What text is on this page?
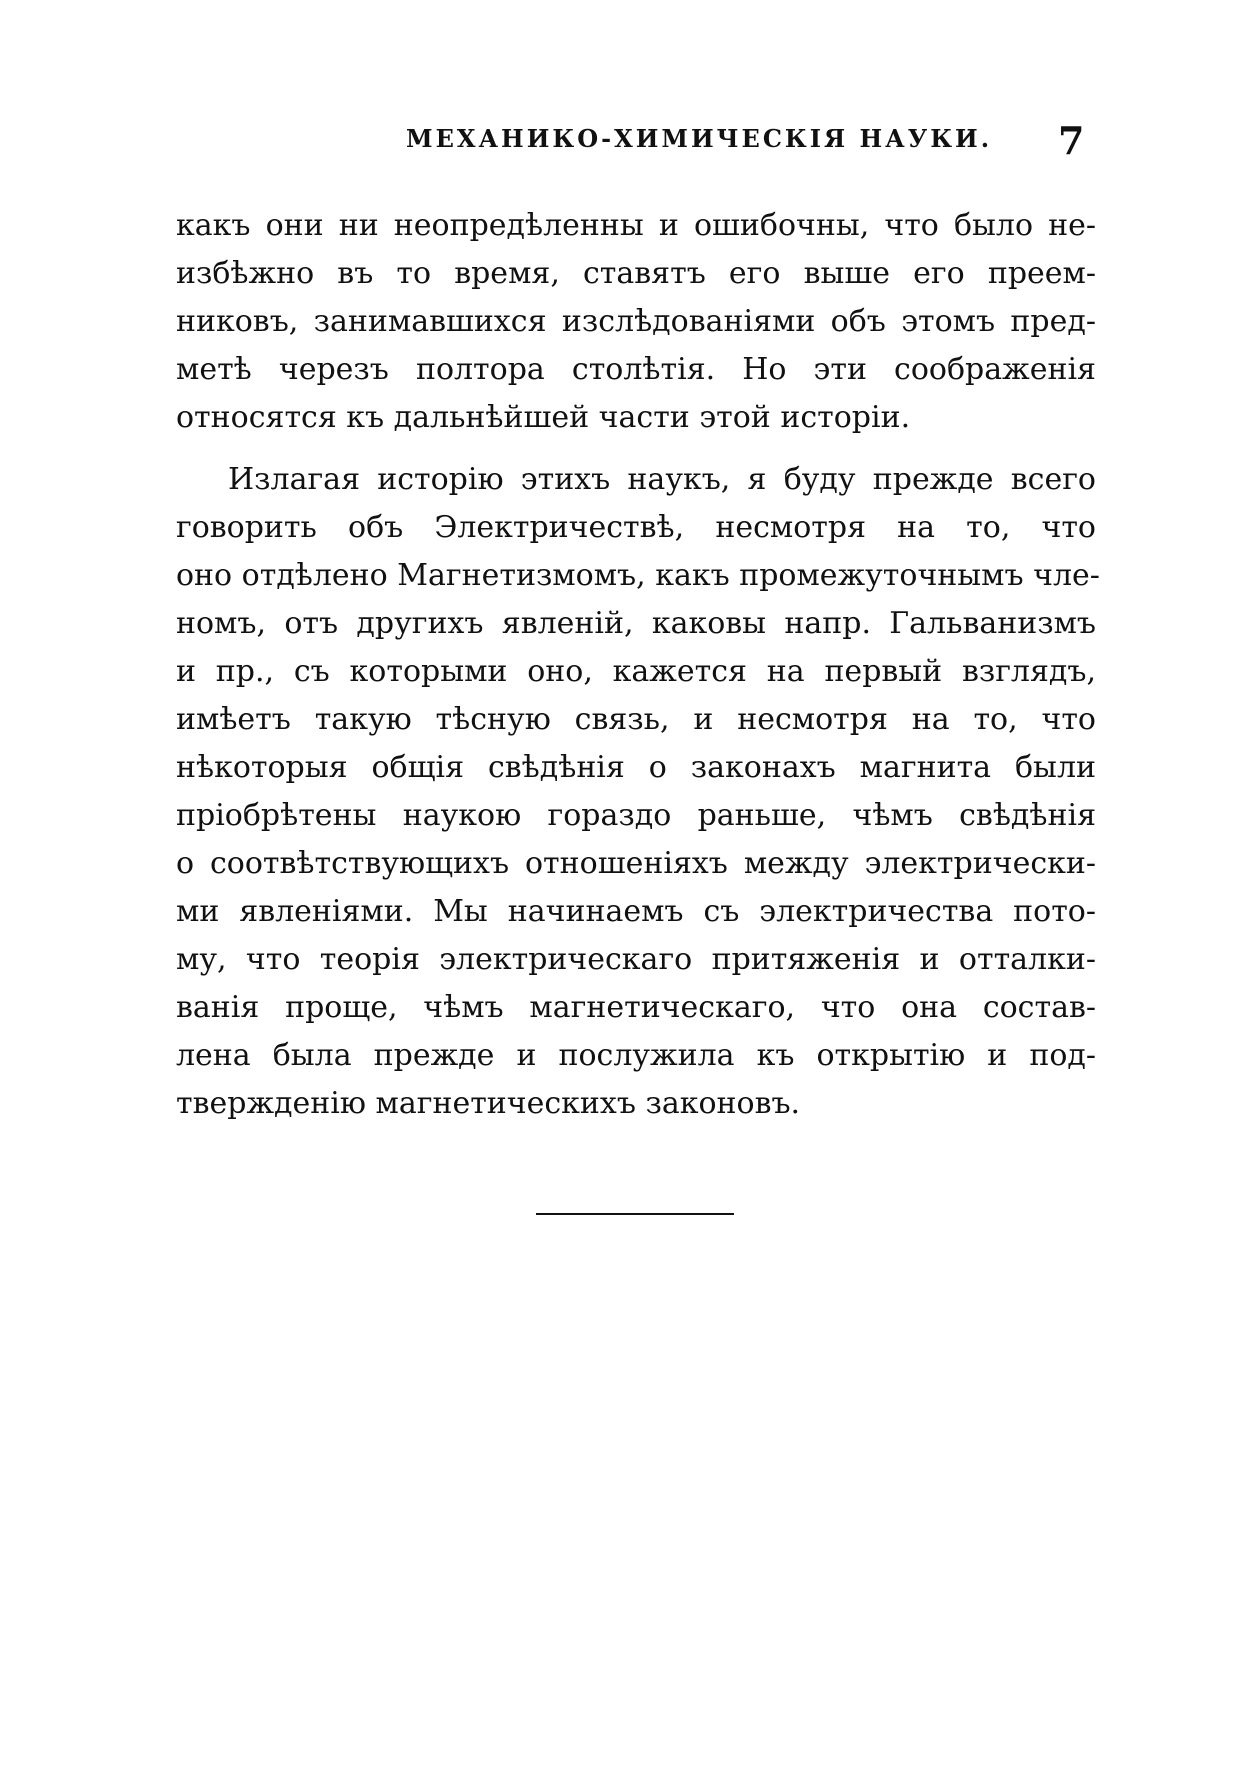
МЕХАНИКО-ХИМИЧЕСКІЯ НАУКИ. 7
какъ они ни неопредѣленны и ошибочны, что было не-
избѣжно въ то время, ставятъ его выше его преем-
никовъ, занимавшихся изслѣдованіями объ этомъ пред-
метѣ черезъ полтора столѣтія. Но эти соображенія
относятся къ дальнѣйшей части этой исторіи.
Излагая исторію этихъ наукъ, я буду прежде всего
говорить объ Электричествѣ, несмотря на то, что
оно отдѣлено Магнетизмомъ, какъ промежуточнымъ чле-
номъ, отъ другихъ явленій, каковы напр. Гальванизмъ
и пр., съ которыми оно, кажется на первый взглядъ,
имѣетъ такую тѣсную связь, и несмотря на то, что
нѣкоторыя общія свѣдѣнія о законахъ магнита были
пріобрѣтены наукою гораздо раньше, чѣмъ свѣдѣнія
о соотвѣтствующихъ отношеніяхъ между электрически-
ми явленіями. Мы начинаемъ съ электричества пото-
му, что теорія электрическаго притяженія и отталки-
ванія проще, чѣмъ магнетическаго, что она состав-
лена была прежде и послужила къ открытію и под-
твержденію магнетическихъ законовъ.
